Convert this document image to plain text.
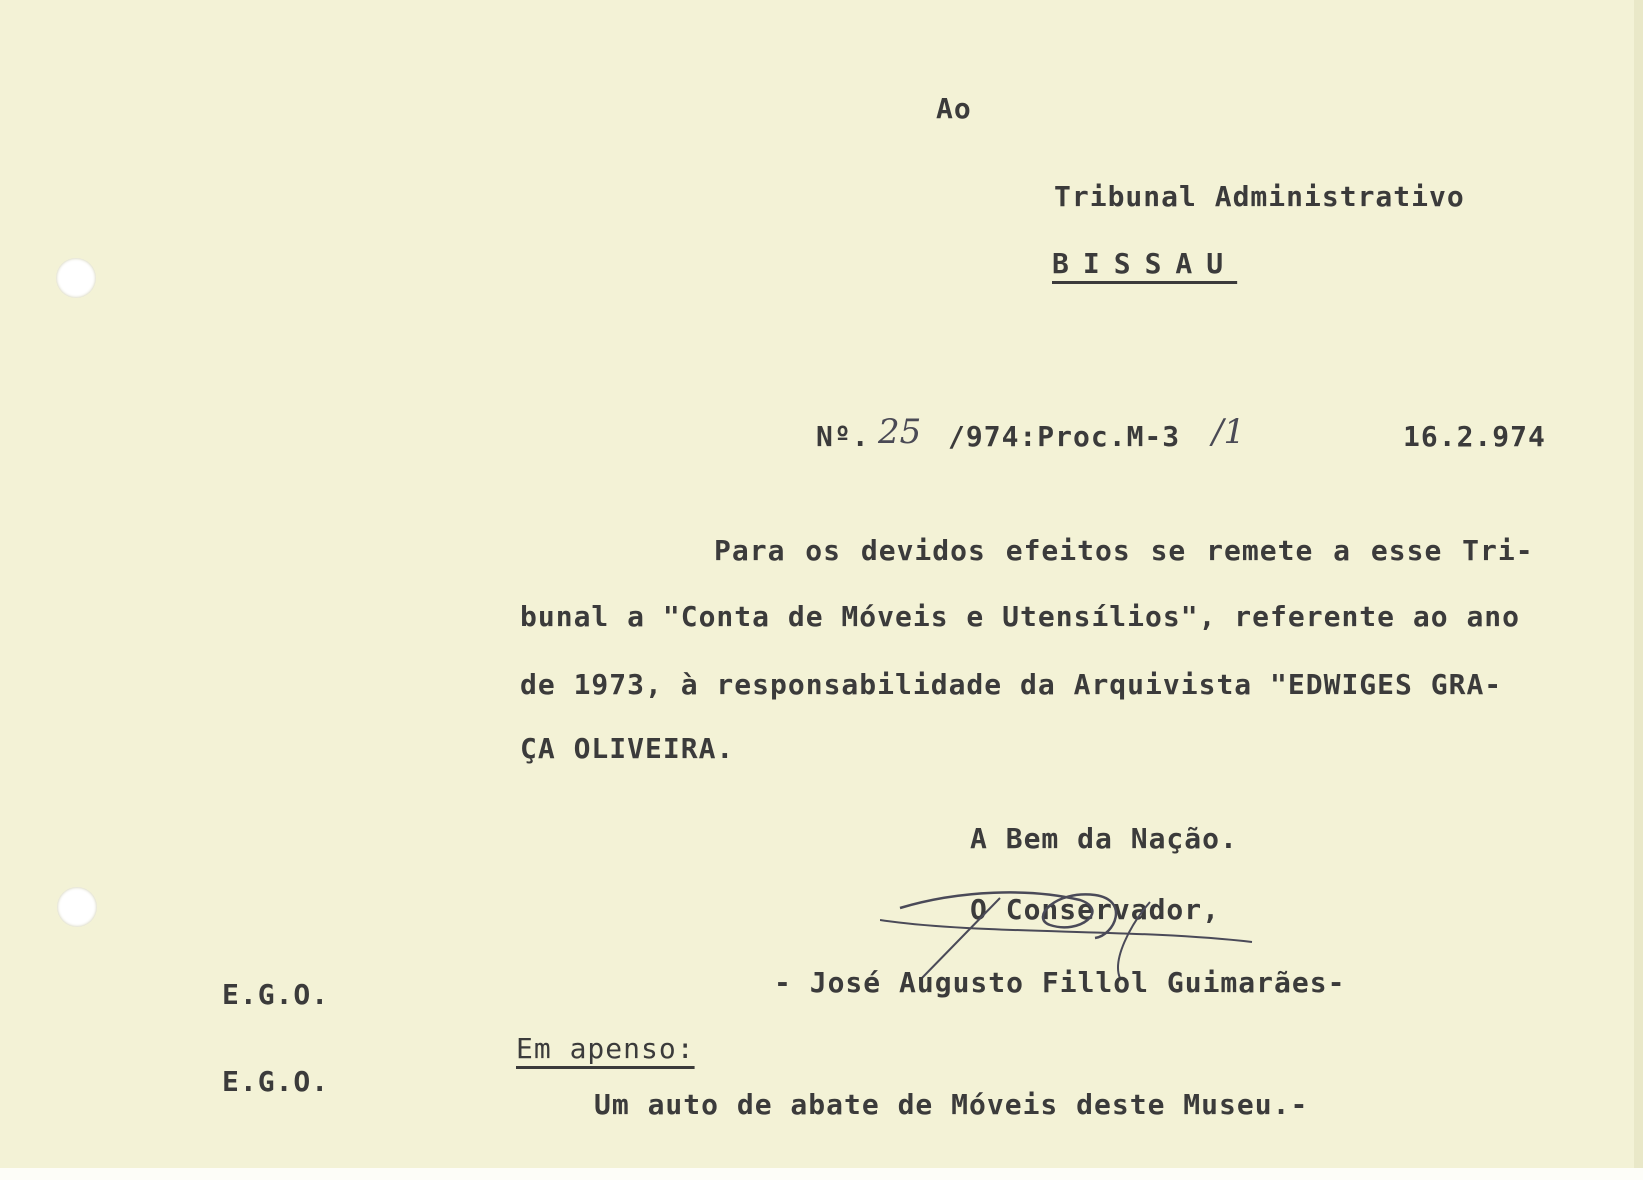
Ao
Tribunal Administrativo
BISSAU
Nº. 25 /974:Proc.M-3 /1	16.2.974
Para os devidos efeitos se remete a esse Tri-
bunal a "Conta de Móveis e Utensílios", referente ao ano
de 1973, à responsabilidade da Arquivista "EDWIGES GRA-
ÇA OLIVEIRA.
A Bem da Nação.
O Conservador,
- José Augusto Fillol Guimarães-
E.G.O.
E.G.O.
Em apenso:
Um auto de abate de Móveis deste Museu.-
